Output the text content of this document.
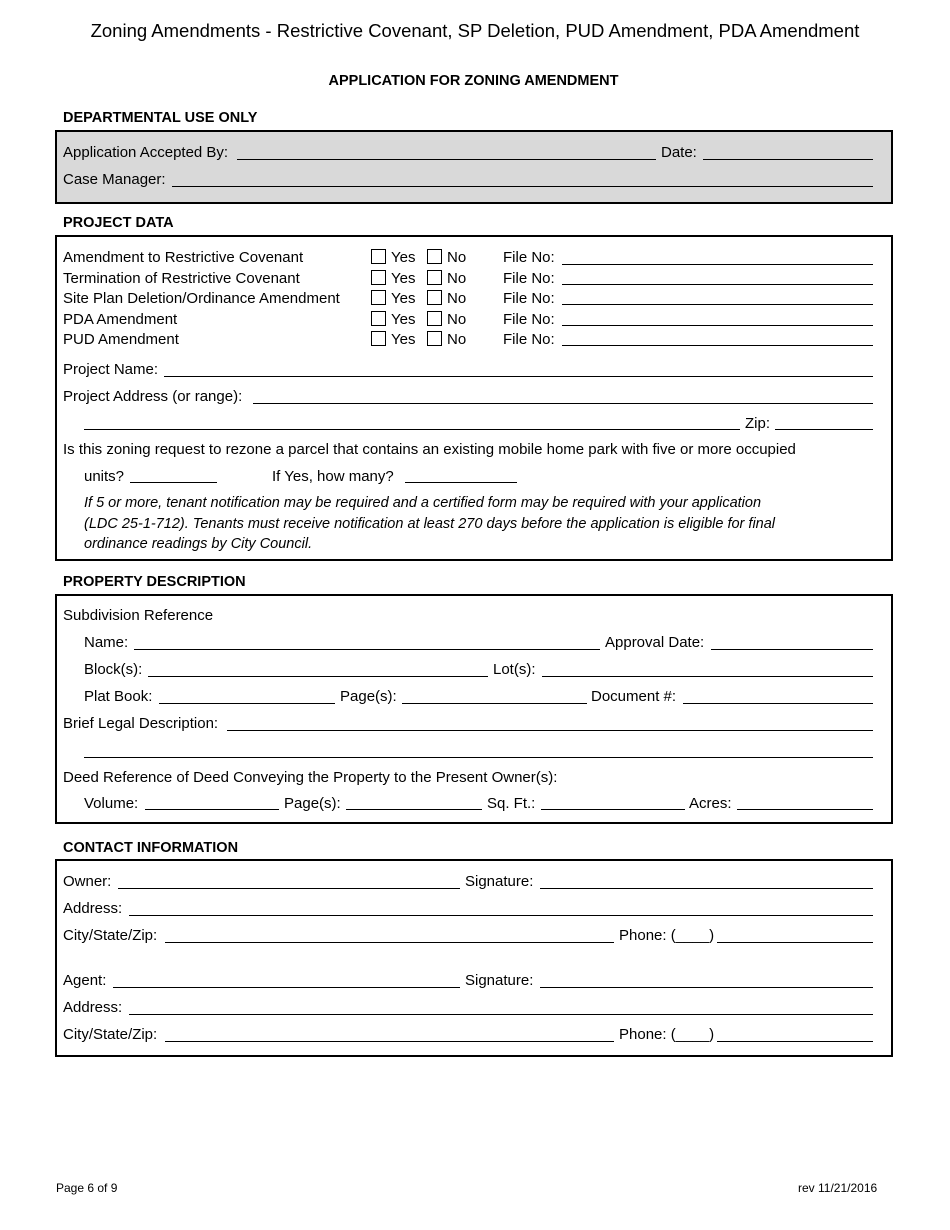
Zoning Amendments - Restrictive Covenant, SP Deletion, PUD Amendment, PDA Amendment
APPLICATION FOR ZONING AMENDMENT
DEPARTMENTAL USE ONLY
Application Accepted By:	Date:
Case Manager:
PROJECT DATA
Amendment to Restrictive Covenant	Yes No File No:
Termination of Restrictive Covenant	Yes No File No:
Site Plan Deletion/Ordinance Amendment	Yes No File No:
PDA Amendment	Yes No File No:
PUD Amendment	Yes No File No:
Project Name:
Project Address (or range):
Zip:
Is this zoning request to rezone a parcel that contains an existing mobile home park with five or more occupied
units?	If Yes, how many?
If 5 or more, tenant notification may be required and a certified form may be required with your application
(LDC 25-1-712). Tenants must receive notification at least 270 days before the application is eligible for final
ordinance readings by City Council.
PROPERTY DESCRIPTION
Subdivision Reference
Name:	Approval Date:
Block(s):	Lot(s):
Plat Book:	Page(s):	Document #:
Brief Legal Description:
Deed Reference of Deed Conveying the Property to the Present Owner(s):
Volume:	Page(s):	Sq. Ft.:	Acres:
CONTACT INFORMATION
Owner:	Signature:
Address:
City/State/Zip:	Phone: (____)
Agent:	Signature:
Address:
City/State/Zip:	Phone: (____)
Page 6 of 9	rev 11/21/2016
